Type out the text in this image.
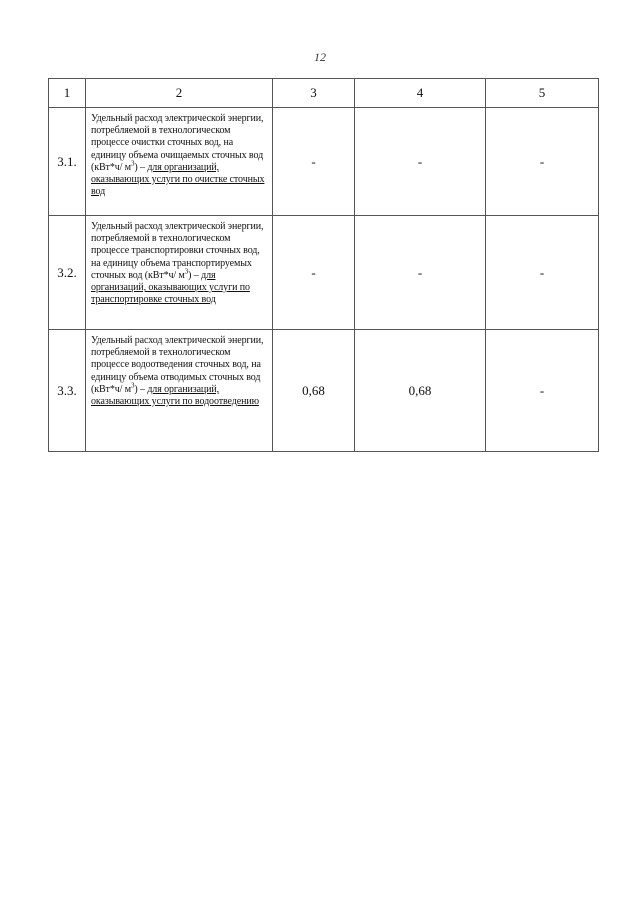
12
1	2	3	4	5
3.1.	Удельный расход электрической энергии, потребляемой в технологическом процессе очистки сточных вод, на единицу объема очищаемых сточных вод (кВт*ч/ $м^3$) – для организаций, оказывающих услуги по очистке сточных вод	-	-	-
3.2.	Удельный расход электрической энергии, потребляемой в технологическом процессе транспортировки сточных вод, на единицу объема транспортируемых сточных вод (кВт*ч/ $м^3$) – для организаций, оказывающих услуги по транспортировке сточных вод	-	-	-
3.3.	Удельный расход электрической энергии, потребляемой в технологическом процессе водоотведения сточных вод, на единицу объема отводимых сточных вод (кВт*ч/ $м^3$) – для организаций, оказывающих услуги по водоотведению	0,68	0,68	-
